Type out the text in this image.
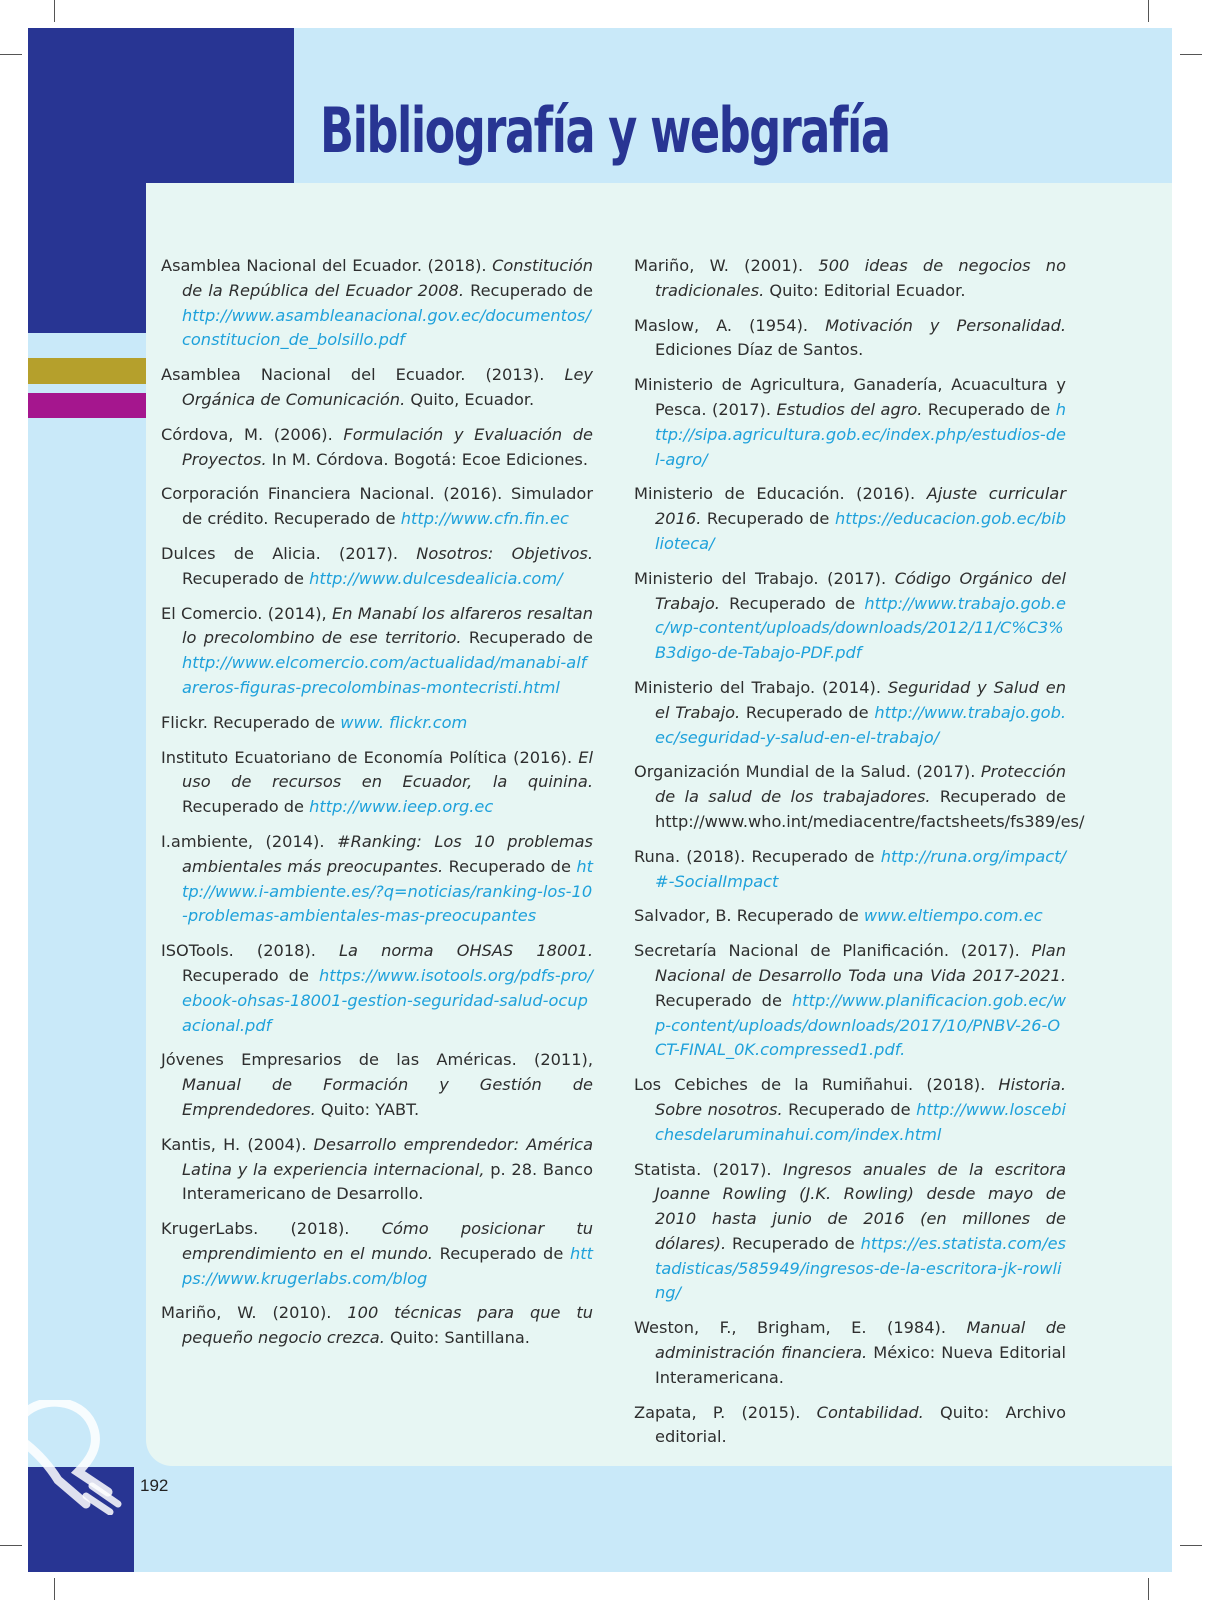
Bibliografía y webgrafía

Asamblea Nacional del Ecuador. (2018). Constitución de la República del Ecuador 2008. Recuperado de http://www.asambleanacional.gov.ec/documentos/constitucion_de_bolsillo.pdf

Asamblea Nacional del Ecuador. (2013). Ley Orgánica de Comunicación. Quito, Ecuador.

Córdova, M. (2006). Formulación y Evaluación de Proyectos. In M. Córdova. Bogotá: Ecoe Ediciones.

Corporación Financiera Nacional. (2016). Simulador de crédito. Recuperado de http://www.cfn.fin.ec

Dulces de Alicia. (2017). Nosotros: Objetivos. Recuperado de http://www.dulcesdealicia.com/

El Comercio. (2014), En Manabí los alfareros resaltan lo precolombino de ese territorio. Recuperado de http://www.elcomercio.com/actualidad/manabi-alfareros-figuras-precolombinas-montecristi.html

Flickr. Recuperado de www. flickr.com

Instituto Ecuatoriano de Economía Política (2016). El uso de recursos en Ecuador, la quinina. Recuperado de http://www.ieep.org.ec

I.ambiente, (2014). #Ranking: Los 10 problemas ambientales más preocupantes. Recuperado de http://www.i-ambiente.es/?q=noticias/ranking-los-10-problemas-ambientales-mas-preocupantes

ISOTools. (2018). La norma OHSAS 18001. Recuperado de https://www.isotools.org/pdfs-pro/ebook-ohsas-18001-gestion-seguridad-salud-ocupacional.pdf

Jóvenes Empresarios de las Américas. (2011), Manual de Formación y Gestión de Emprendedores. Quito: YABT.

Kantis, H. (2004). Desarrollo emprendedor: América Latina y la experiencia internacional, p. 28. Banco Interamericano de Desarrollo.

KrugerLabs. (2018). Cómo posicionar tu emprendimiento en el mundo. Recuperado de https://www.krugerlabs.com/blog

Mariño, W. (2010). 100 técnicas para que tu pequeño negocio crezca. Quito: Santillana.

Mariño, W. (2001). 500 ideas de negocios no tradicionales. Quito: Editorial Ecuador.

Maslow, A. (1954). Motivación y Personalidad. Ediciones Díaz de Santos.

Ministerio de Agricultura, Ganadería, Acuacultura y Pesca. (2017). Estudios del agro. Recuperado de http://sipa.agricultura.gob.ec/index.php/estudios-del-agro/

Ministerio de Educación. (2016). Ajuste curricular 2016. Recuperado de https://educacion.gob.ec/biblioteca/

Ministerio del Trabajo. (2017). Código Orgánico del Trabajo. Recuperado de http://www.trabajo.gob.ec/wp-content/uploads/downloads/2012/11/C%C3%B3digo-de-Tabajo-PDF.pdf

Ministerio del Trabajo. (2014). Seguridad y Salud en el Trabajo. Recuperado de http://www.trabajo.gob.ec/seguridad-y-salud-en-el-trabajo/

Organización Mundial de la Salud. (2017). Protección de la salud de los trabajadores. Recuperado de http://www.who.int/mediacentre/factsheets/fs389/es/

Runa. (2018). Recuperado de http://runa.org/impact/#-SocialImpact

Salvador, B. Recuperado de www.eltiempo.com.ec

Secretaría Nacional de Planificación. (2017). Plan Nacional de Desarrollo Toda una Vida 2017-2021. Recuperado de http://www.planificacion.gob.ec/wp-content/uploads/downloads/2017/10/PNBV-26-OCT-FINAL_0K.compressed1.pdf.

Los Cebiches de la Rumiñahui. (2018). Historia. Sobre nosotros. Recuperado de http://www.loscebichesdelaruminahui.com/index.html

Statista. (2017). Ingresos anuales de la escritora Joanne Rowling (J.K. Rowling) desde mayo de 2010 hasta junio de 2016 (en millones de dólares). Recuperado de https://es.statista.com/estadisticas/585949/ingresos-de-la-escritora-jk-rowling/

Weston, F., Brigham, E. (1984). Manual de administración financiera. México: Nueva Editorial Interamericana.

Zapata, P. (2015). Contabilidad. Quito: Archivo editorial.

192
